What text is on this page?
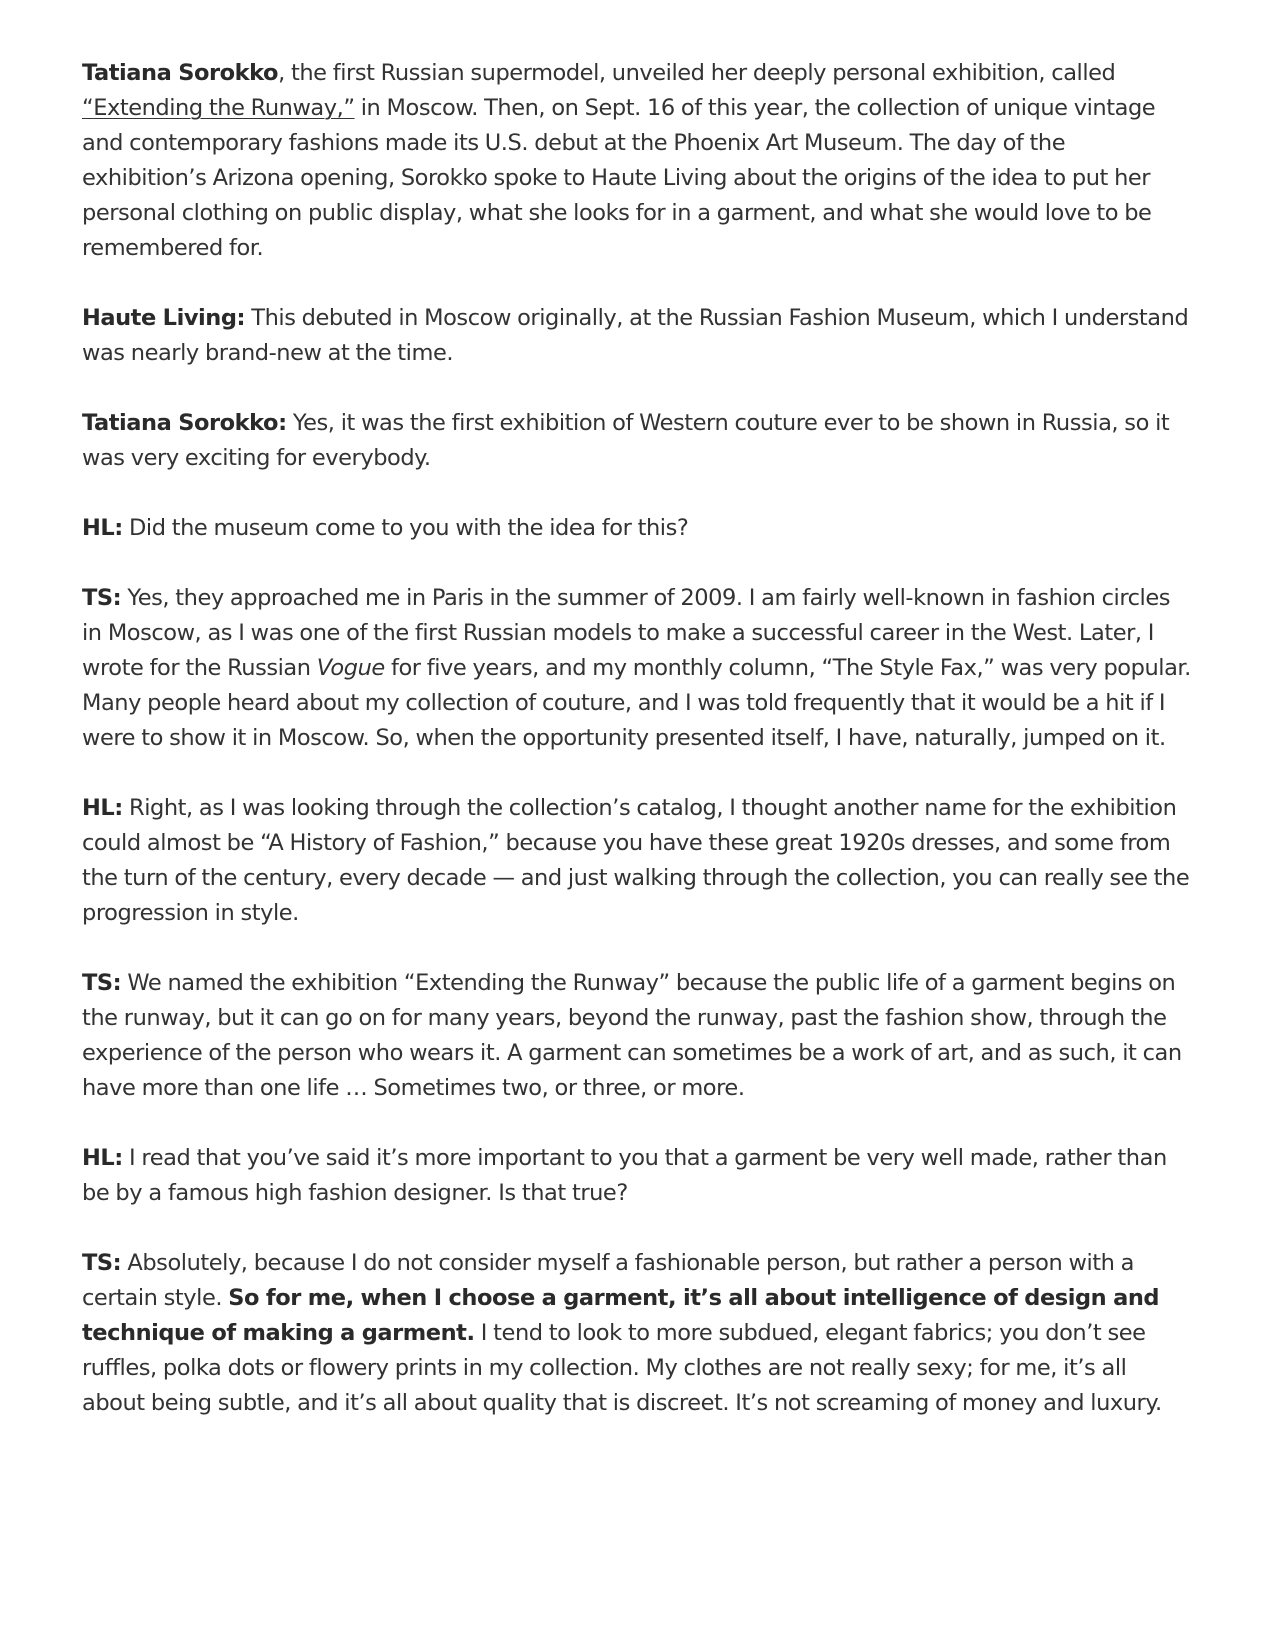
Tatiana Sorokko, the first Russian supermodel, unveiled her deeply personal exhibition, called “Extending the Runway,” in Moscow. Then, on Sept. 16 of this year, the collection of unique vintage and contemporary fashions made its U.S. debut at the Phoenix Art Museum. The day of the exhibition’s Arizona opening, Sorokko spoke to Haute Living about the origins of the idea to put her personal clothing on public display, what she looks for in a garment, and what she would love to be remembered for.

Haute Living: This debuted in Moscow originally, at the Russian Fashion Museum, which I understand was nearly brand-new at the time.

Tatiana Sorokko: Yes, it was the first exhibition of Western couture ever to be shown in Russia, so it was very exciting for everybody.

HL: Did the museum come to you with the idea for this?

TS: Yes, they approached me in Paris in the summer of 2009. I am fairly well-known in fashion circles in Moscow, as I was one of the first Russian models to make a successful career in the West. Later, I wrote for the Russian Vogue for five years, and my monthly column, “The Style Fax,” was very popular. Many people heard about my collection of couture, and I was told frequently that it would be a hit if I were to show it in Moscow. So, when the opportunity presented itself, I have, naturally, jumped on it.

HL: Right, as I was looking through the collection’s catalog, I thought another name for the exhibition could almost be “A History of Fashion,” because you have these great 1920s dresses, and some from the turn of the century, every decade — and just walking through the collection, you can really see the progression in style.

TS: We named the exhibition “Extending the Runway” because the public life of a garment begins on the runway, but it can go on for many years, beyond the runway, past the fashion show, through the experience of the person who wears it. A garment can sometimes be a work of art, and as such, it can have more than one life … Sometimes two, or three, or more.

HL: I read that you’ve said it’s more important to you that a garment be very well made, rather than be by a famous high fashion designer. Is that true?

TS: Absolutely, because I do not consider myself a fashionable person, but rather a person with a certain style. So for me, when I choose a garment, it’s all about intelligence of design and technique of making a garment. I tend to look to more subdued, elegant fabrics; you don’t see ruffles, polka dots or flowery prints in my collection. My clothes are not really sexy; for me, it’s all about being subtle, and it’s all about quality that is discreet. It’s not screaming of money and luxury.
